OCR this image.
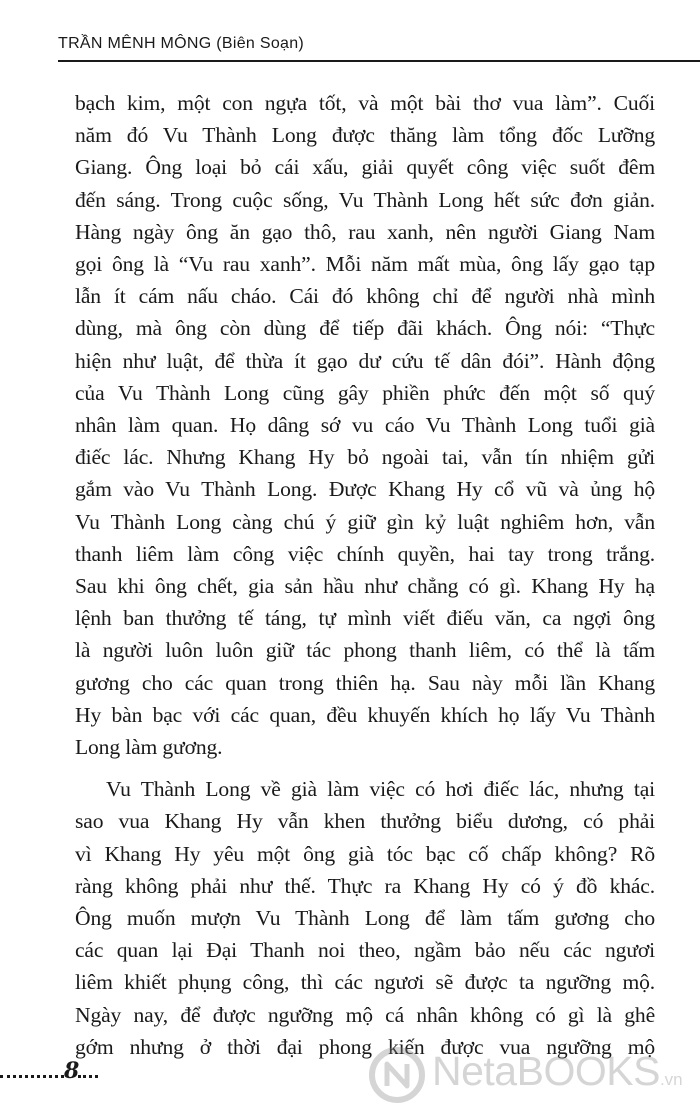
TRẦN MÊNH MÔNG (Biên Soạn)
bạch kim, một con ngựa tốt, và một bài thơ vua làm”. Cuối
năm đó Vu Thành Long được thăng làm tổng đốc Lưỡng
Giang. Ông loại bỏ cái xấu, giải quyết công việc suốt đêm
đến sáng. Trong cuộc sống, Vu Thành Long hết sức đơn giản.
Hàng ngày ông ăn gạo thô, rau xanh, nên người Giang Nam
gọi ông là “Vu rau xanh”. Mỗi năm mất mùa, ông lấy gạo tạp
lẫn ít cám nấu cháo. Cái đó không chỉ để người nhà mình
dùng, mà ông còn dùng để tiếp đãi khách. Ông nói: “Thực
hiện như luật, để thừa ít gạo dư cứu tế dân đói”. Hành động
của Vu Thành Long cũng gây phiền phức đến một số quý
nhân làm quan. Họ dâng sớ vu cáo Vu Thành Long tuổi già
điếc lác. Nhưng Khang Hy bỏ ngoài tai, vẫn tín nhiệm gửi
gắm vào Vu Thành Long. Được Khang Hy cổ vũ và ủng hộ
Vu Thành Long càng chú ý giữ gìn kỷ luật nghiêm hơn, vẫn
thanh liêm làm công việc chính quyền, hai tay trong trắng.
Sau khi ông chết, gia sản hầu như chẳng có gì. Khang Hy hạ
lệnh ban thưởng tế táng, tự mình viết điếu văn, ca ngợi ông
là người luôn luôn giữ tác phong thanh liêm, có thể là tấm
gương cho các quan trong thiên hạ. Sau này mỗi lần Khang
Hy bàn bạc với các quan, đều khuyến khích họ lấy Vu Thành
Long làm gương.
Vu Thành Long về già làm việc có hơi điếc lác, nhưng tại
sao vua Khang Hy vẫn khen thưởng biểu dương, có phải
vì Khang Hy yêu một ông già tóc bạc cố chấp không? Rõ
ràng không phải như thế. Thực ra Khang Hy có ý đồ khác.
Ông muốn mượn Vu Thành Long để làm tấm gương cho
các quan lại Đại Thanh noi theo, ngầm bảo nếu các ngươi
liêm khiết phụng công, thì các ngươi sẽ được ta ngưỡng mộ.
Ngày nay, để được ngưỡng mộ cá nhân không có gì là ghê
gớm nhưng ở thời đại phong kiến được vua ngưỡng mộ
8	NetaBOOKS.vn
